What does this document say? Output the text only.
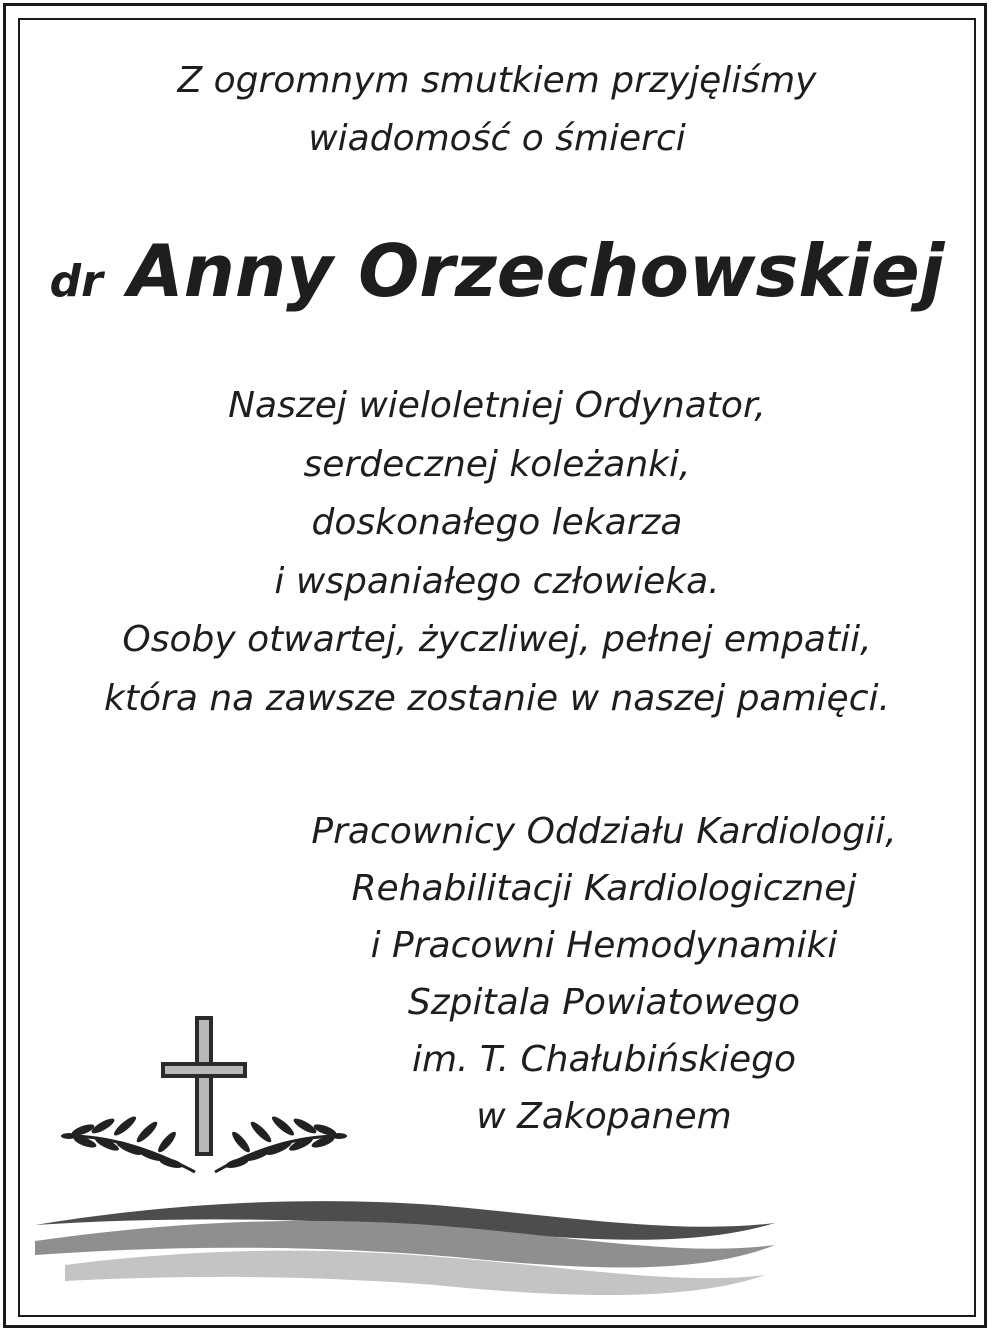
Z ogromnym smutkiem przyjęliśmy
wiadomość o śmierci
dr Anny Orzechowskiej
Naszej wieloletniej Ordynator,
serdecznej koleżanki,
doskonałego lekarza
i wspaniałego człowieka.
Osoby otwartej, życzliwej, pełnej empatii,
która na zawsze zostanie w naszej pamięci.
Pracownicy Oddziału Kardiologii,
Rehabilitacji Kardiologicznej
i Pracowni Hemodynamiki
Szpitala Powiatowego
im. T. Chałubińskiego
w Zakopanem
